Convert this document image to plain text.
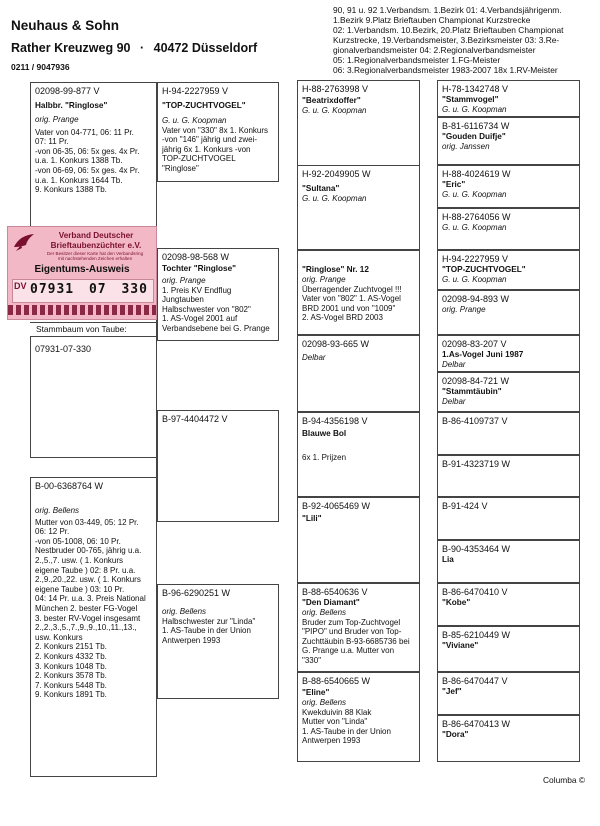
Neuhaus & Sohn
Rather Kreuzweg 90 · 40472 Düsseldorf
0211 / 9047936
90, 91 u. 92 1.Verbandsm. 1.Bezirk 01: 4.Verbandsjährigenm.
1.Bezirk 9.Platz Brieftauben Championat Kurzstrecke
02: 1.Verbandsm. 10.Bezirk, 20.Platz Brieftauben Championat
Kurzstrecke, 19.Verbandsmeister, 3.Bezirksmeister 03: 3.Re-
gionalverbandsmeister 04: 2.Regionalverbandsmeister
05: 1.Regionalverbandsmeister 1.FG-Meister
06: 3.Regionalverbandsmeister 1983-2007 18x 1.RV-Meister
02098-99-877 V
Halbbr. "Ringlose"
orig. Prange
Vater von 04-771, 06: 11 Pr.
07: 11 Pr.
-von 06-35, 06: 5x ges. 4x Pr.
u.a. 1. Konkurs 1388 Tb.
-von 06-69, 06: 5x ges. 4x Pr.
u.a. 1. Konkurs 1644 Tb.
9. Konkurs 1388 Tb.
Stammbaum von Taube:
07931-07-330
B-00-6368764 W
orig. Bellens
Mutter von 03-449, 05: 12 Pr.
06: 12 Pr.
-von 05-1008, 06: 10 Pr.
Nestbruder 00-765, jährig u.a.
2.,5.,7. usw. ( 1. Konkurs
eigene Taube ) 02: 8 Pr. u.a.
2.,9.,20.,22. usw. ( 1. Konkurs
eigene Taube ) 03: 10 Pr.
04: 14 Pr. u.a. 3. Preis National
München 2. bester FG-Vogel
3. bester RV-Vogel insgesamt
2.,2.,3.,5.,7.,9.,9.,10.,11.,13.,
usw. Konkurs
2. Konkurs 2151 Tb.
2. Konkurs 4332 Tb.
3. Konkurs 1048 Tb.
2. Konkurs 3578 Tb.
7. Konkurs 5448 Tb.
9. Konkurs 1891 Tb.
H-94-2227959 V
"TOP-ZUCHTVOGEL"
G. u. G. Koopman
Vater von "330" 8x 1. Konkurs
-von "146" jährig und zwei-
jährig 6x 1. Konkurs -von
TOP-ZUCHTVOGEL "Ringlose"
02098-98-568 W
Tochter "Ringlose"
orig. Prange
1. Preis KV Endflug Jungtauben
Halbschwester von "802"
1. AS-Vogel 2001 auf
Verbandsebene bei G. Prange
B-97-4404472 V
B-96-6290251 W
orig. Bellens
Halbschwester zur "Linda"
1. AS-Taube in der Union
Antwerpen 1993
H-88-2763998 V
"Beatrixdoffer"
G. u. G. Koopman
H-92-2049905 W
"Sultana"
G. u. G. Koopman
"Ringlose" Nr. 12
orig. Prange
Überragender Zuchtvogel !!!
Vater von "802" 1. AS-Vogel
BRD 2001 und von "1009"
2. AS-Vogel BRD 2003
02098-93-665 W
Delbar
B-94-4356198 V
Blauwe Bol
6x 1. Prijzen
B-92-4065469 W
"Lili"
B-88-6540636 V
"Den Diamant"
orig. Bellens
Bruder zum Top-Zuchtvogel
"PIPO" und Bruder von Top-
Zuchttäubin B-93-6685736 bei
G. Prange u.a. Mutter von "330"
B-88-6540665 W
"Eline"
orig. Bellens
Kwekduivin 88 Klak
Mutter von "Linda"
1. AS-Taube in der Union
Antwerpen 1993
H-78-1342748 V
"Stammvogel"
G. u. G. Koopman
B-81-6116734 W
"Gouden Duifje"
orig. Janssen
H-88-4024619 W
"Eric"
G. u. G. Koopman
H-88-2764056 W
G. u. G. Koopman
H-94-2227959 V
"TOP-ZUCHTVOGEL"
G. u. G. Koopman
02098-94-893 W
orig. Prange
02098-83-207 V
1.As-Vogel Juni 1987
Delbar
02098-84-721 W
"Stammtäubin"
Delbar
B-86-4109737 V
B-91-4323719 W
B-91-424 V
B-90-4353464 W
Lia
B-86-6470410 V
"Kobe"
B-85-6210449 W
"Viviane"
B-86-6470447 V
"Jef"
B-86-6470413 W
"Dora"
Verband Deutscher
Brieftaubenzüchter e.V.
Der Besitzer dieser Karte hat den Verbandsring
mit nachstehenden Zeichen erhalten
Eigentums-Ausweis
DV 07931 07 330
Columba ©
